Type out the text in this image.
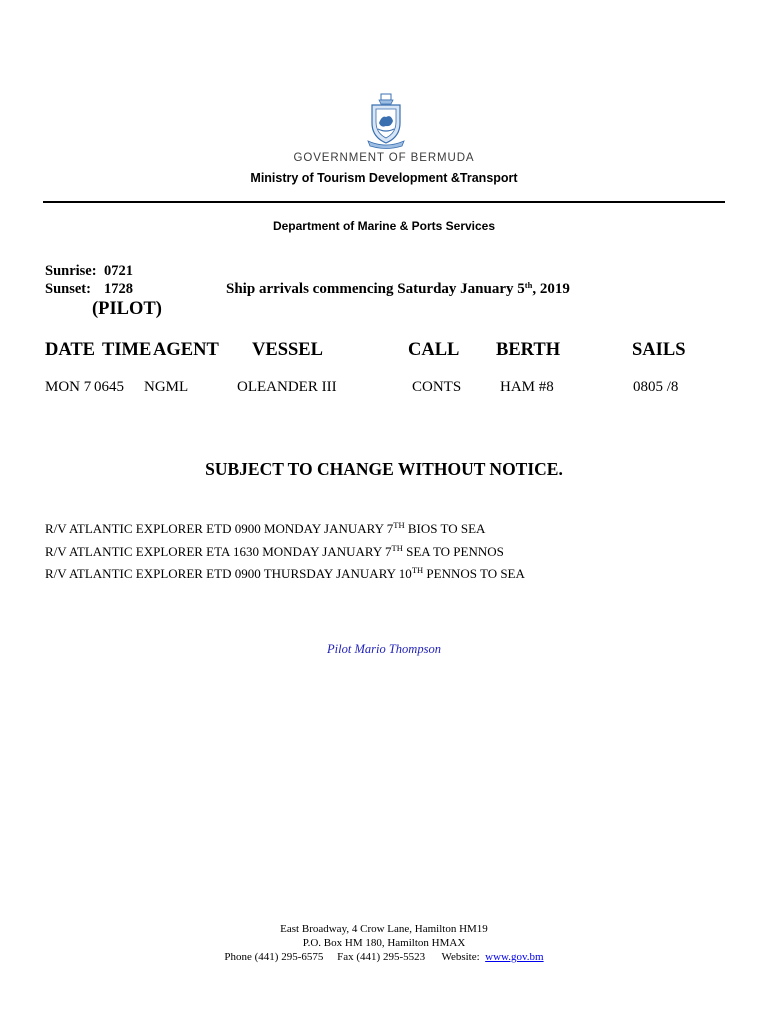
GOVERNMENT OF BERMUDA
Ministry of Tourism Development &Transport
Department of Marine & Ports Services
Sunrise: 0721
Sunset: 1728	Ship arrivals commencing Saturday January 5th, 2019
(PILOT)
DATE TIME AGENT VESSEL	CALL BERTH	SAILS
MON 7 0645 NGML	OLEANDER III	CONTS	HAM #8	0805 /8
SUBJECT TO CHANGE WITHOUT NOTICE.
R/V ATLANTIC EXPLORER ETD 0900 MONDAY JANUARY 7TH BIOS TO SEA
R/V ATLANTIC EXPLORER ETA 1630 MONDAY JANUARY 7TH SEA TO PENNOS
R/V ATLANTIC EXPLORER ETD 0900 THURSDAY JANUARY 10TH PENNOS TO SEA
Pilot Mario Thompson
East Broadway, 4 Crow Lane, Hamilton HM19
P.O. Box HM 180, Hamilton HMAX
Phone (441) 295-6575 Fax (441) 295-5523 Website: www.gov.bm
